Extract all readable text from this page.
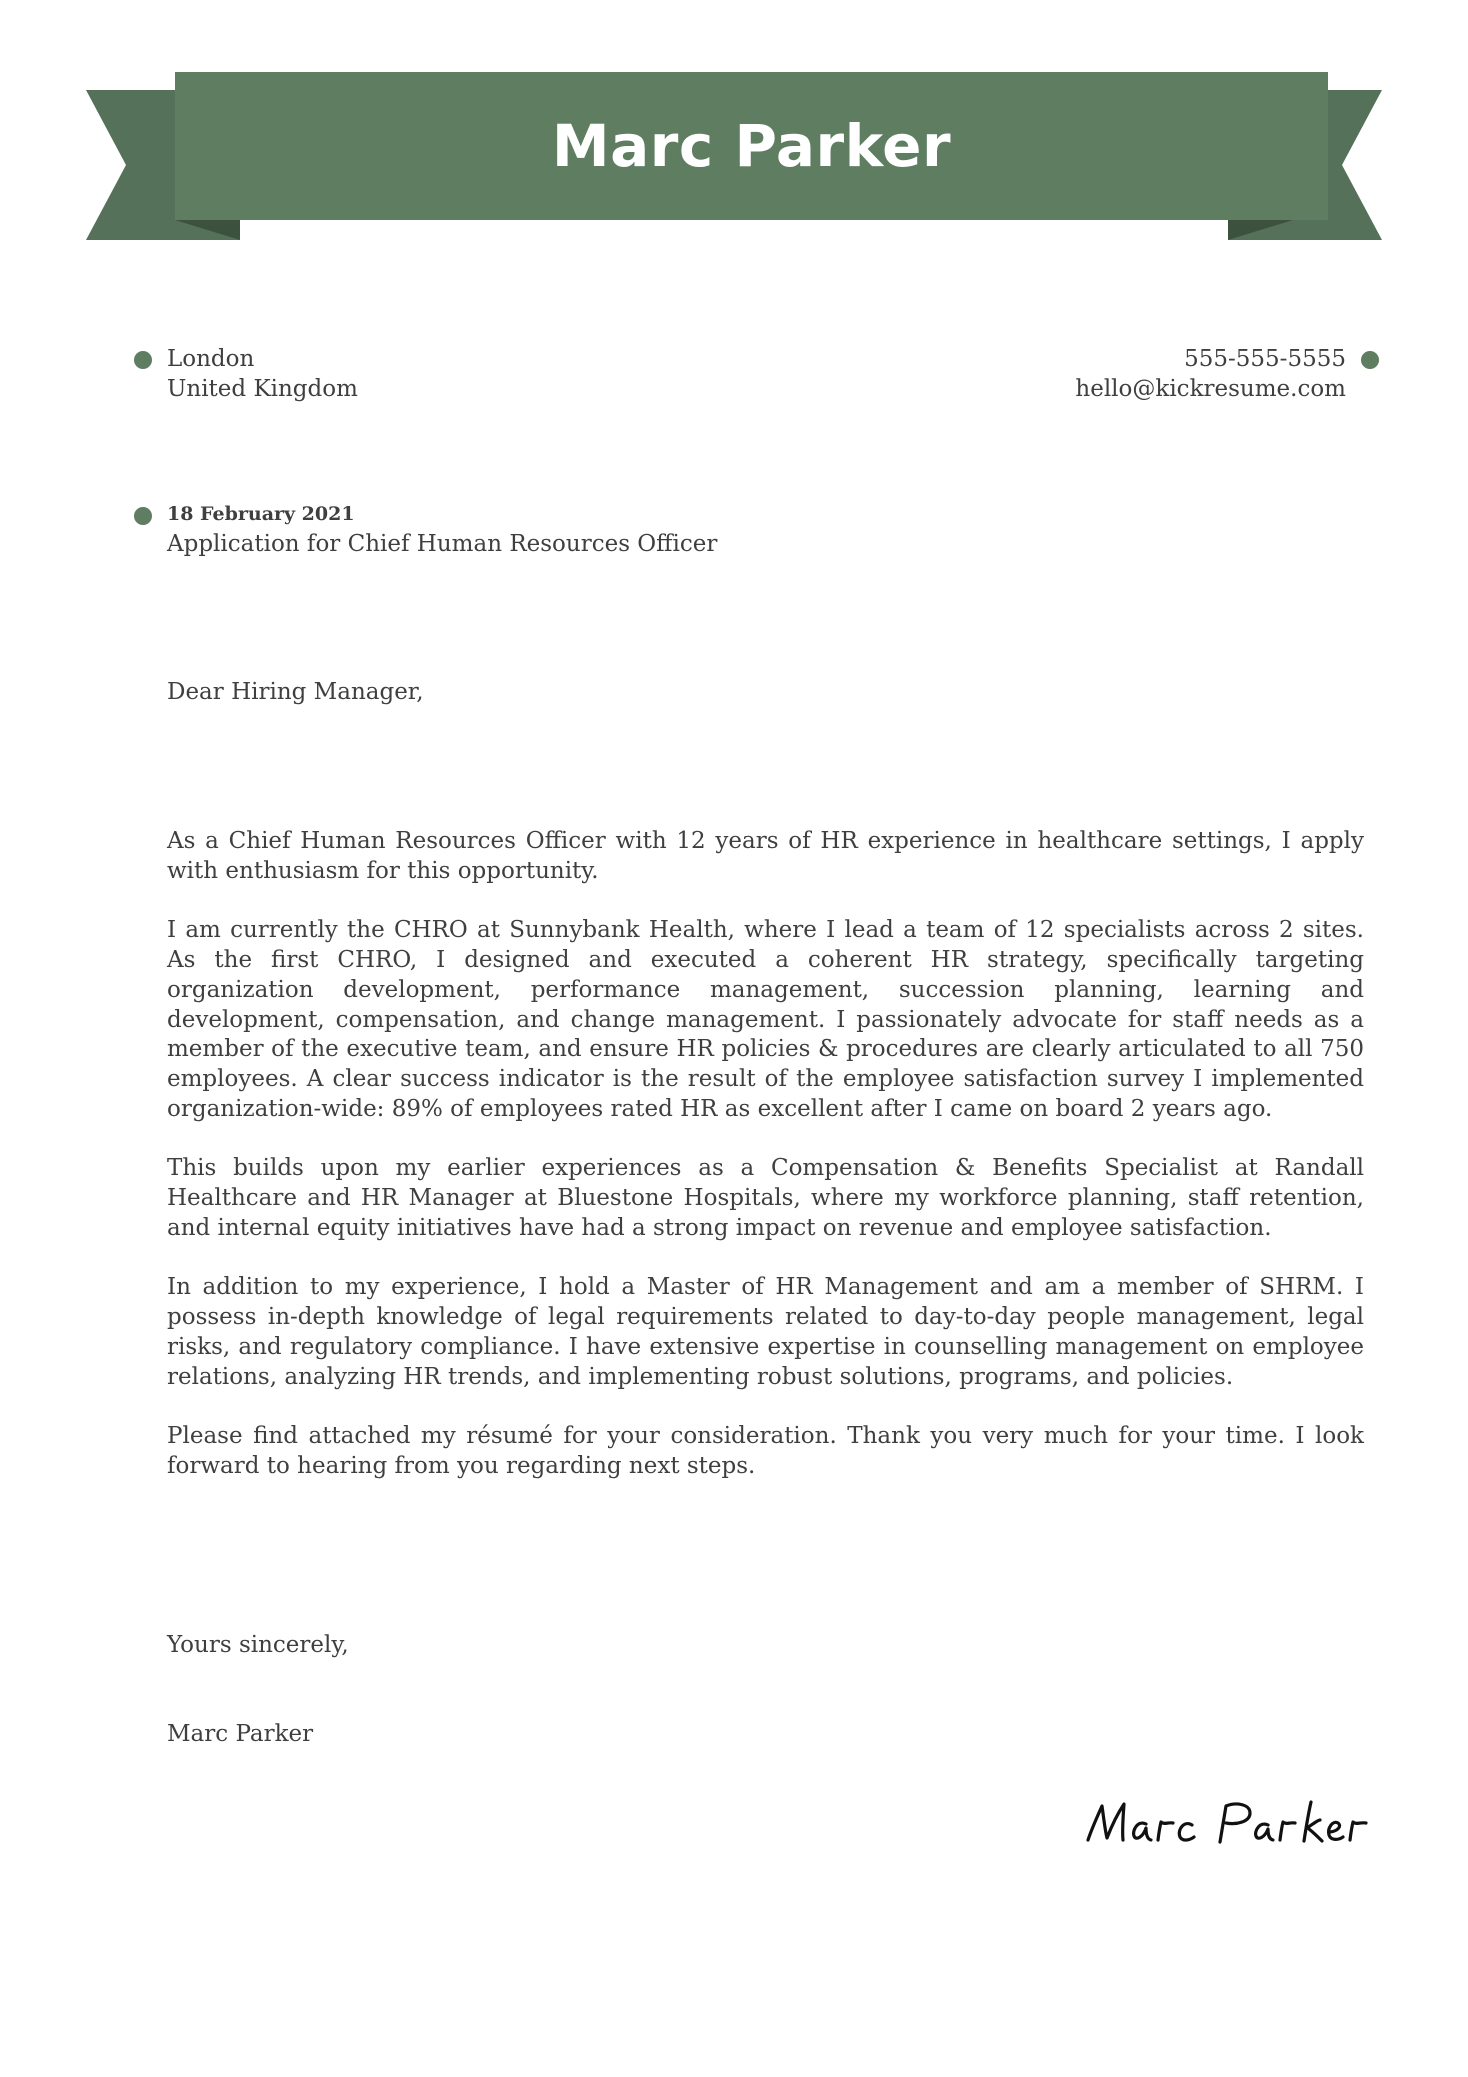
Marc Parker
London
United Kingdom
555-555-5555
hello@kickresume.com
18 February 2021
Application for Chief Human Resources Officer
Dear Hiring Manager,

As a Chief Human Resources Officer with 12 years of HR experience in healthcare settings, I apply with enthusiasm for this opportunity.

I am currently the CHRO at Sunnybank Health, where I lead a team of 12 specialists across 2 sites. As the first CHRO, I designed and executed a coherent HR strategy, specifically targeting organization development, performance management, succession planning, learning and development, compensation, and change management. I passionately advocate for staff needs as a member of the executive team, and ensure HR policies & procedures are clearly articulated to all 750 employees. A clear success indicator is the result of the employee satisfaction survey I implemented organization-wide: 89% of employees rated HR as excellent after I came on board 2 years ago.

This builds upon my earlier experiences as a Compensation & Benefits Specialist at Randall Healthcare and HR Manager at Bluestone Hospitals, where my workforce planning, staff retention, and internal equity initiatives have had a strong impact on revenue and employee satisfaction.

In addition to my experience, I hold a Master of HR Management and am a member of SHRM. I possess in-depth knowledge of legal requirements related to day-to-day people management, legal risks, and regulatory compliance. I have extensive expertise in counselling management on employee relations, analyzing HR trends, and implementing robust solutions, programs, and policies.

Please find attached my résumé for your consideration. Thank you very much for your time. I look forward to hearing from you regarding next steps.

Yours sincerely,
Marc Parker
